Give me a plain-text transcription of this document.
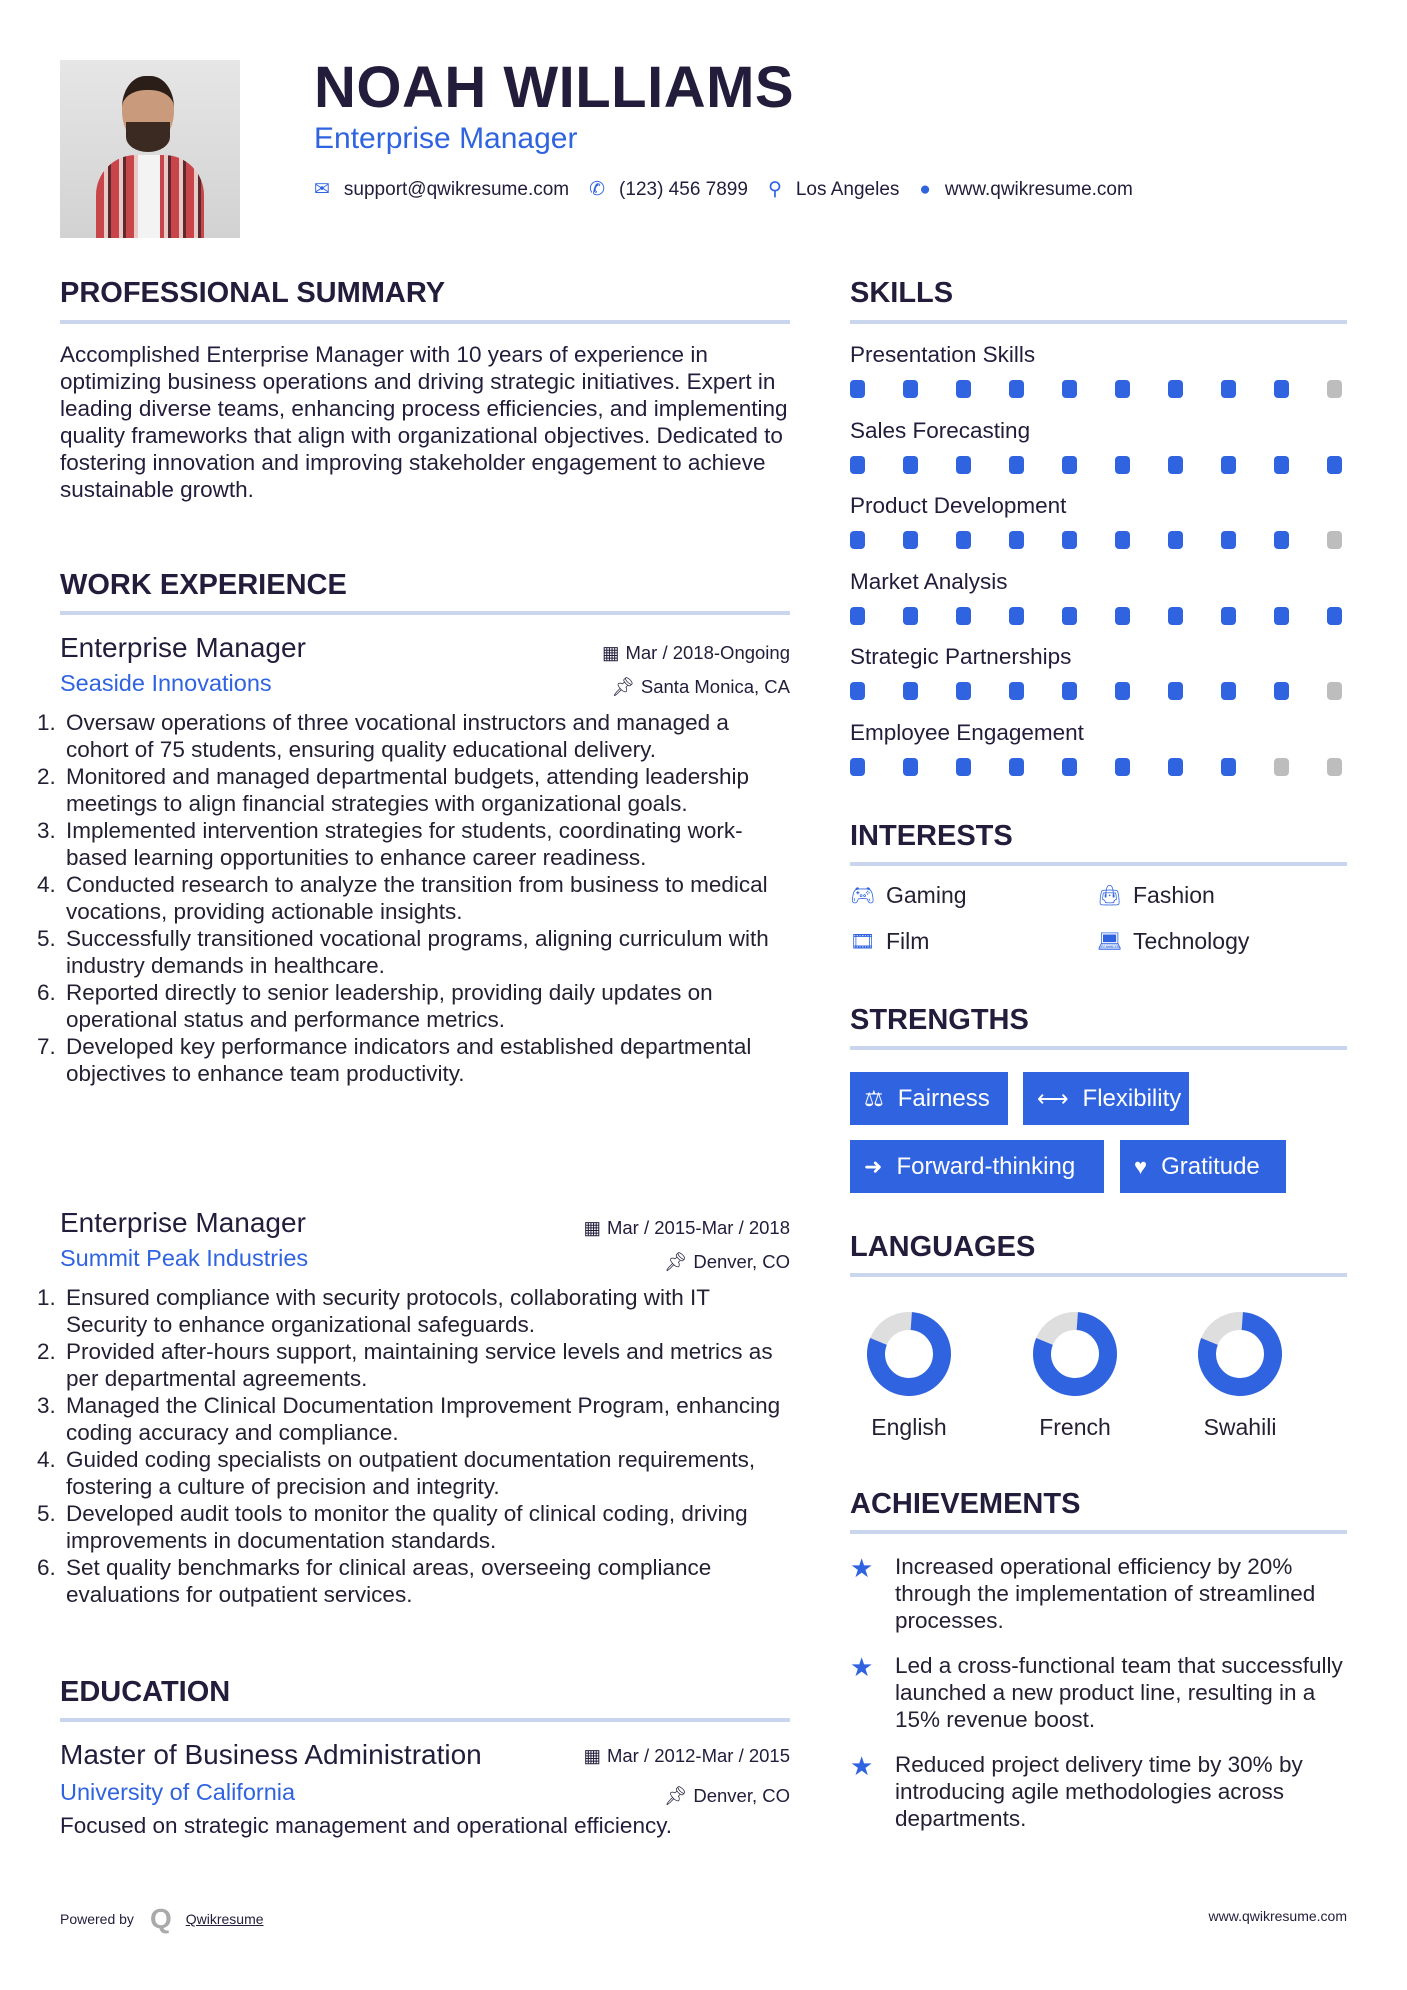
NOAH WILLIAMS
Enterprise Manager
✉ support@qwikresume.com ✆ (123) 456 7899 ⚲ Los Angeles ● www.qwikresume.com
PROFESSIONAL SUMMARY
Accomplished Enterprise Manager with 10 years of experience in optimizing business operations and driving strategic initiatives. Expert in leading diverse teams, enhancing process efficiencies, and implementing quality frameworks that align with organizational objectives. Dedicated to fostering innovation and improving stakeholder engagement to achieve sustainable growth.
WORK EXPERIENCE
Enterprise Manager	▦ Mar / 2018-Ongoing
Seaside Innovations	📌︎ Santa Monica, CA
1. Oversaw operations of three vocational instructors and managed a cohort of 75 students, ensuring quality educational delivery.
2. Monitored and managed departmental budgets, attending leadership meetings to align financial strategies with organizational goals.
3. Implemented intervention strategies for students, coordinating work-based learning opportunities to enhance career readiness.
4. Conducted research to analyze the transition from business to medical vocations, providing actionable insights.
5. Successfully transitioned vocational programs, aligning curriculum with industry demands in healthcare.
6. Reported directly to senior leadership, providing daily updates on operational status and performance metrics.
7. Developed key performance indicators and established departmental objectives to enhance team productivity.
Enterprise Manager	▦ Mar / 2015-Mar / 2018
Summit Peak Industries	📌︎ Denver, CO
1. Ensured compliance with security protocols, collaborating with IT Security to enhance organizational safeguards.
2. Provided after-hours support, maintaining service levels and metrics as per departmental agreements.
3. Managed the Clinical Documentation Improvement Program, enhancing coding accuracy and compliance.
4. Guided coding specialists on outpatient documentation requirements, fostering a culture of precision and integrity.
5. Developed audit tools to monitor the quality of clinical coding, driving improvements in documentation standards.
6. Set quality benchmarks for clinical areas, overseeing compliance evaluations for outpatient services.
EDUCATION
Master of Business Administration	▦ Mar / 2012-Mar / 2015
University of California	📌︎ Denver, CO
Focused on strategic management and operational efficiency.
SKILLS
Presentation Skills
Sales Forecasting
Product Development
Market Analysis
Strategic Partnerships
Employee Engagement
INTERESTS
🎮︎ Gaming	👜︎ Fashion
🎞︎ Film	💻︎ Technology
STRENGTHS
⚖ Fairness ⟷ Flexibility
➜ Forward-thinking	♥ Gratitude
LANGUAGES
English	French	Swahili
ACHIEVEMENTS
★ Increased operational efficiency by 20% through the implementation of streamlined processes.
★ Led a cross-functional team that successfully launched a new product line, resulting in a 15% revenue boost.
★ Reduced project delivery time by 30% by introducing agile methodologies across departments.
Powered by Q Qwikresume	www.qwikresume.com
